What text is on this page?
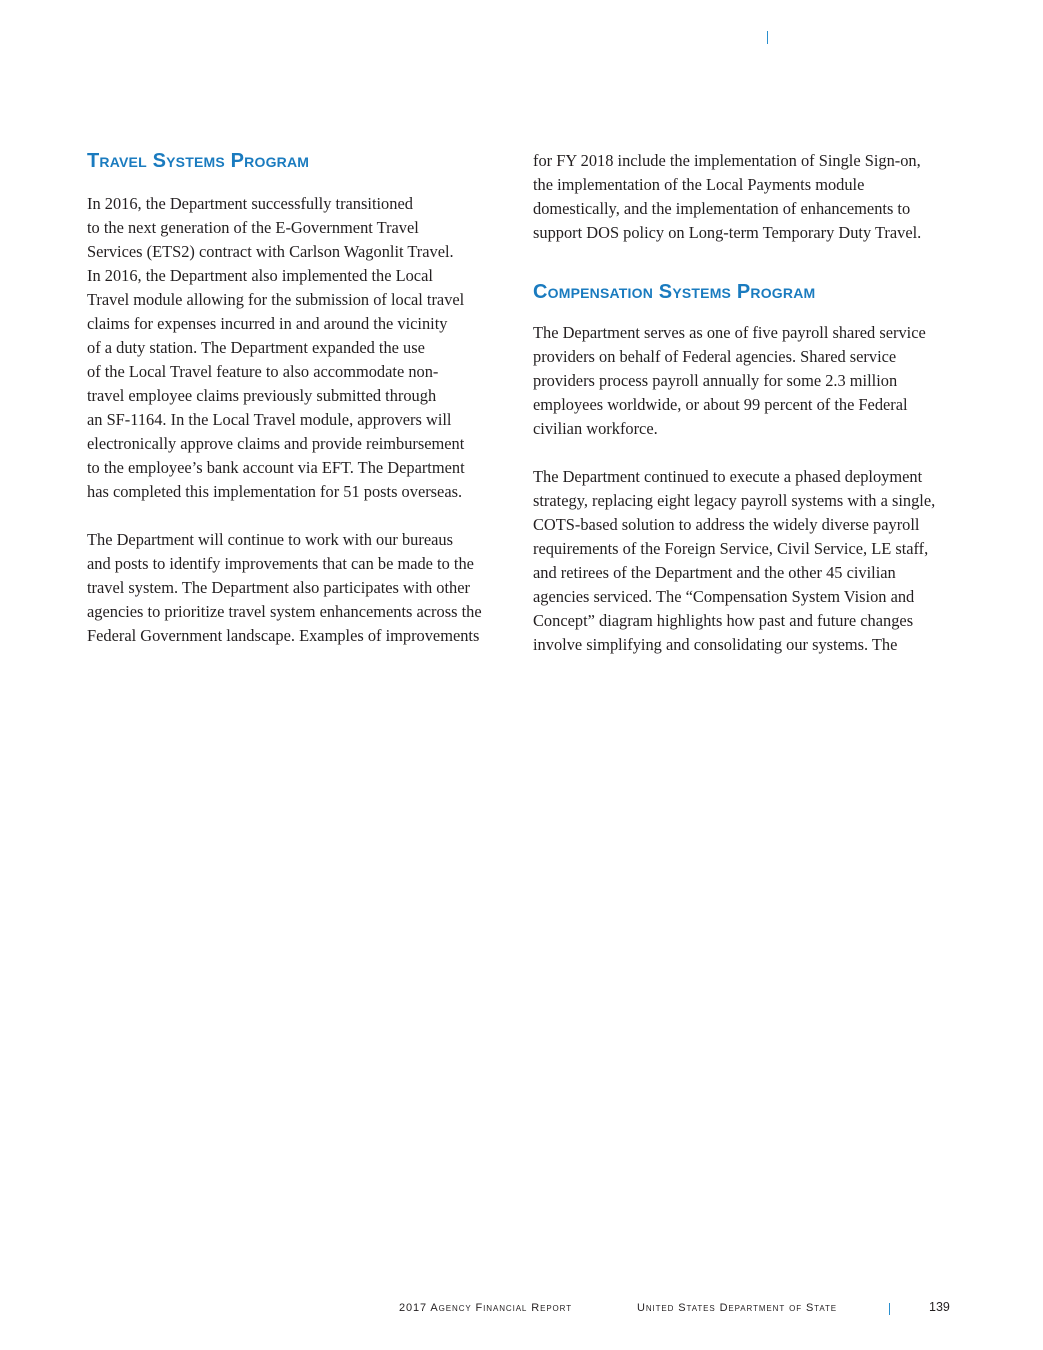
Travel Systems Program

In 2016, the Department successfully transitioned
to the next generation of the E-Government Travel
Services (ETS2) contract with Carlson Wagonlit Travel.
In 2016, the Department also implemented the Local
Travel module allowing for the submission of local travel
claims for expenses incurred in and around the vicinity
of a duty station. The Department expanded the use
of the Local Travel feature to also accommodate non-
travel employee claims previously submitted through
an SF-1164. In the Local Travel module, approvers will
electronically approve claims and provide reimbursement
to the employee’s bank account via EFT. The Department
has completed this implementation for 51 posts overseas.

The Department will continue to work with our bureaus
and posts to identify improvements that can be made to the
travel system. The Department also participates with other
agencies to prioritize travel system enhancements across the
Federal Government landscape. Examples of improvements

for FY 2018 include the implementation of Single Sign-on,
the implementation of the Local Payments module
domestically, and the implementation of enhancements to
support DOS policy on Long-term Temporary Duty Travel.

Compensation Systems Program

The Department serves as one of five payroll shared service
providers on behalf of Federal agencies. Shared service
providers process payroll annually for some 2.3 million
employees worldwide, or about 99 percent of the Federal
civilian workforce.

The Department continued to execute a phased deployment
strategy, replacing eight legacy payroll systems with a single,
COTS-based solution to address the widely diverse payroll
requirements of the Foreign Service, Civil Service, LE staff,
and retirees of the Department and the other 45 civilian
agencies serviced. The “Compensation System Vision and
Concept” diagram highlights how past and future changes
involve simplifying and consolidating our systems. The

2017 Agency Financial Report	United States Department of State	139
